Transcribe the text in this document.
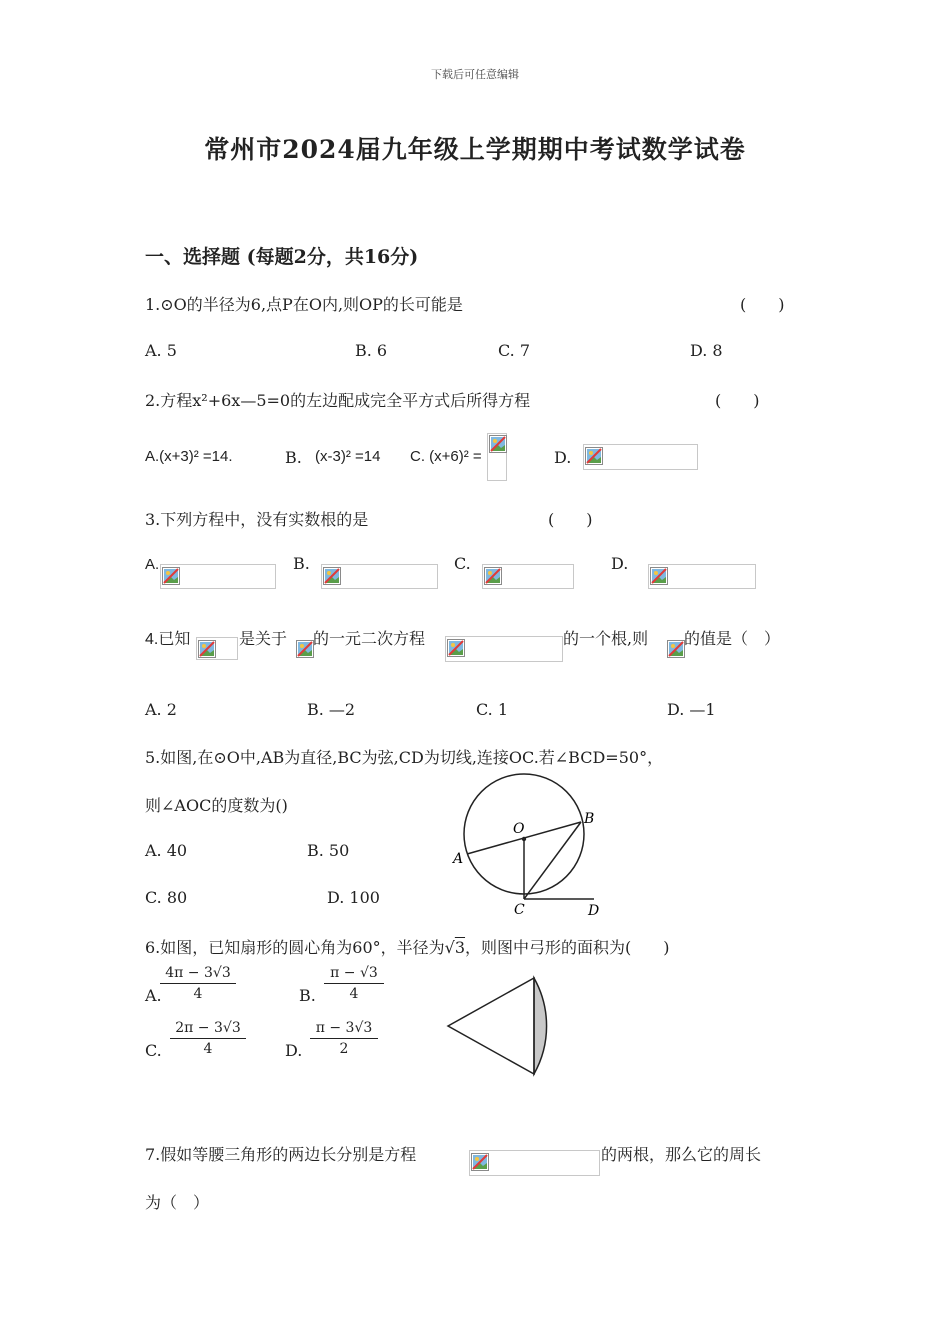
下载后可任意编辑
常州市2024届九年级上学期期中考试数学试卷
一、选择题 (每题2分，共16分)
1.⊙O的半径为6,点P在O内,则OP的长可能是	(　　)
A. 5	B. 6	C. 7	D. 8
2.方程x²+6x—5=0的左边配成完全平方式后所得方程	(　　)
A.(x+3)² =14.	B. (x-3)² =14 C. (x+6)² =	D.
3.下列方程中，没有实数根的是	(　　)
A.	B.	C.	D.
4.已知	是关于 的一元二次方程	的一个根,则 的值是（　）
A. 2	B. —2	C. 1	D. —1
5.如图,在⊙O中,AB为直径,BC为弦,CD为切线,连接OC.若∠BCD=50°，
则∠AOC的度数为()
A. 40	B. 50
C. 80	D. 100
O
A
B
C	D
6.如图，已知扇形的圆心角为60°，半径为√3，则图中弓形的面积为(　　)
A.
$\frac{4\pi - 3√3}{4}$	B. $\frac{\pi - √3}{4}$
C. $\frac{2\pi - 3√3}{4} D$. $\frac{\pi - 3√3}{2}$
7.假如等腰三角形的两边长分别是方程	的两根，那么它的周长
为（　）
